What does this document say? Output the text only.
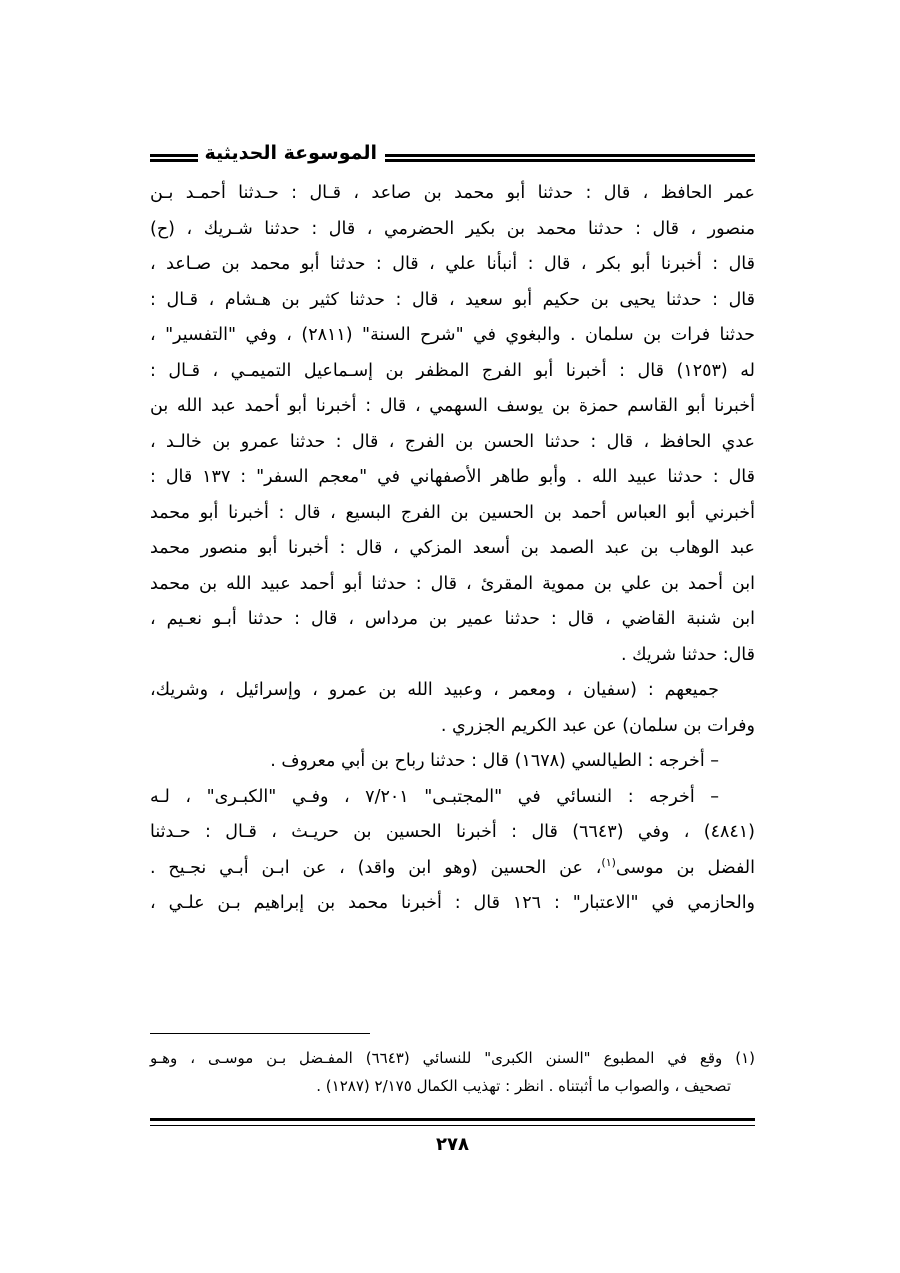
الموسوعة الحديثية
عمر الحافظ ، قال : حدثنا أبو محمد بن صاعد ، قـال : حـدثنا أحمـد بـن
منصور ، قال : حدثنا محمد بن بكير الحضرمي ، قال : حدثنا شـريك ، (ح)
قال : أخبرنا أبو بكر ، قال : أنبأنا علي ، قال : حدثنا أبو محمد بن صـاعد ،
قال : حدثنا يحيى بن حكيم أبو سعيد ، قال : حدثنا كثير بن هـشام ، قـال :
حدثنا فرات بن سلمان . والبغوي في "شرح السنة" (٢٨١١) ، وفي "التفسير" ،
له (١٢٥٣) قال : أخبرنا أبو الفرج المظفر بن إسـماعيل التميمـي ، قـال :
أخبرنا أبو القاسم حمزة بن يوسف السهمي ، قال : أخبرنا أبو أحمد عبد الله بن
عدي الحافظ ، قال : حدثنا الحسن بن الفرج ، قال : حدثنا عمرو بن خالـد ،
قال : حدثنا عبيد الله . وأبو طاهر الأصفهاني في "معجم السفر" : ١٣٧ قال :
أخبرني أبو العباس أحمد بن الحسين بن الفرج البسيع ، قال : أخبرنا أبو محمد
عبد الوهاب بن عبد الصمد بن أسعد المزكي ، قال : أخبرنا أبو منصور محمد
ابن أحمد بن علي بن مموية المقرئ ، قال : حدثنا أبو أحمد عبيد الله بن محمد
ابن شنبة القاضي ، قال : حدثنا عمير بن مرداس ، قال : حدثنا أبـو نعـيم ،
قال: حدثنا شريك .
جميعهم : (سفيان ، ومعمر ، وعبيد الله بن عمرو ، وإسرائيل ، وشريك،
وفرات بن سلمان) عن عبد الكريم الجزري .
– أخرجه : الطيالسي (١٦٧٨) قال : حدثنا رباح بن أبي معروف .
– أخرجه : النسائي في "المجتبـى" ٧/٢٠١ ، وفـي "الكبـرى" ، لـه
(٤٨٤١) ، وفي (٦٦٤٣) قال : أخبرنا الحسين بن حريـث ، قـال : حـدثنا
الفضل بن موسى$^{(١)}$، عن الحسين (وهو ابن واقد) ، عن ابـن أبـي نجـيح .
والحازمي في "الاعتبار" : ١٢٦ قال : أخبرنا محمد بن إبراهيم بـن علـي ،
(١) وقع في المطبوع "السنن الكبرى" للنسائي (٦٦٤٣) المفـضل بـن موسـى ، وهـو
تصحيف ، والصواب ما أثبتناه . انظر : تهذيب الكمال ٢/١٧٥ (١٢٨٧) .
٢٧٨
